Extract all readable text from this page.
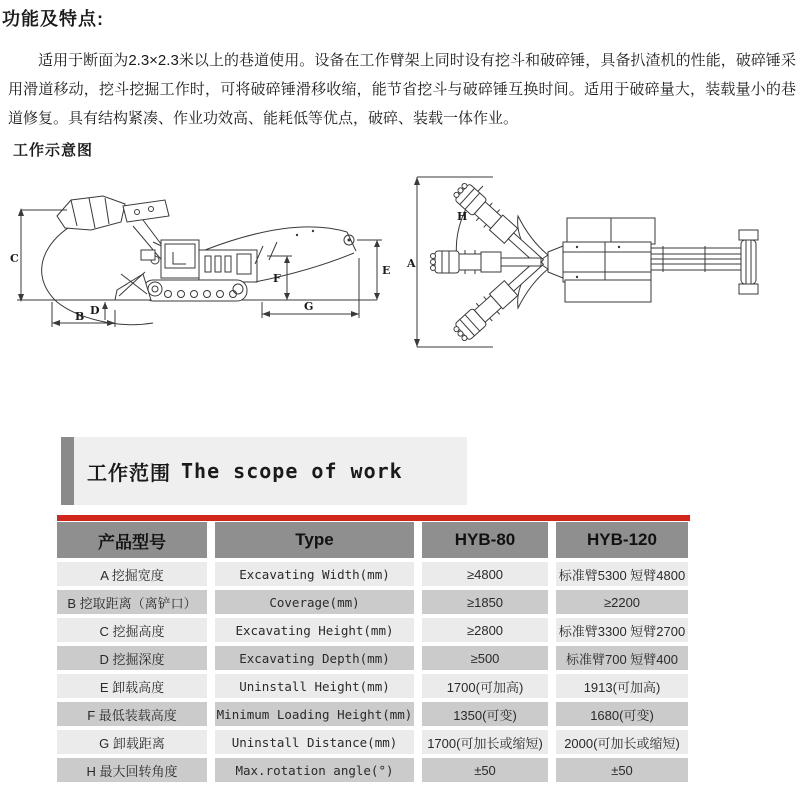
功能及特点:
适用于断面为2.3×2.3米以上的巷道使用。设备在工作臂架上同时设有挖斗和破碎锤，具备扒渣机的性能，破碎锤采用滑道移动，挖斗挖掘工作时，可将破碎锤滑移收缩，能节省挖斗与破碎锤互换时间。适用于破碎量大，装载量小的巷道修复。具有结构紧凑、作业功效高、能耗低等优点，破碎、装载一体作业。
工作示意图
C
F
E
G
B D
A
H
工作范围 The scope of work
产品型号	Type	HYB-80	HYB-120
A 挖掘宽度	Excavating Width(mm)	≥4800	标准臂5300 短臂4800
B 挖取距离（离铲口）	Coverage(mm)	≥1850	≥2200
C 挖掘高度	Excavating Height(mm)	≥2800	标准臂3300 短臂2700
D 挖掘深度	Excavating Depth(mm)	≥500	标准臂700 短臂400
E 卸载高度	Uninstall Height(mm)	1700(可加高)	1913(可加高)
F 最低装载高度	Minimum Loading Height(mm)	1350(可变)	1680(可变)
G 卸载距离	Uninstall Distance(mm)	1700(可加长或缩短)	2000(可加长或缩短)
H 最大回转角度	Max.rotation angle(°)	±50	±50
